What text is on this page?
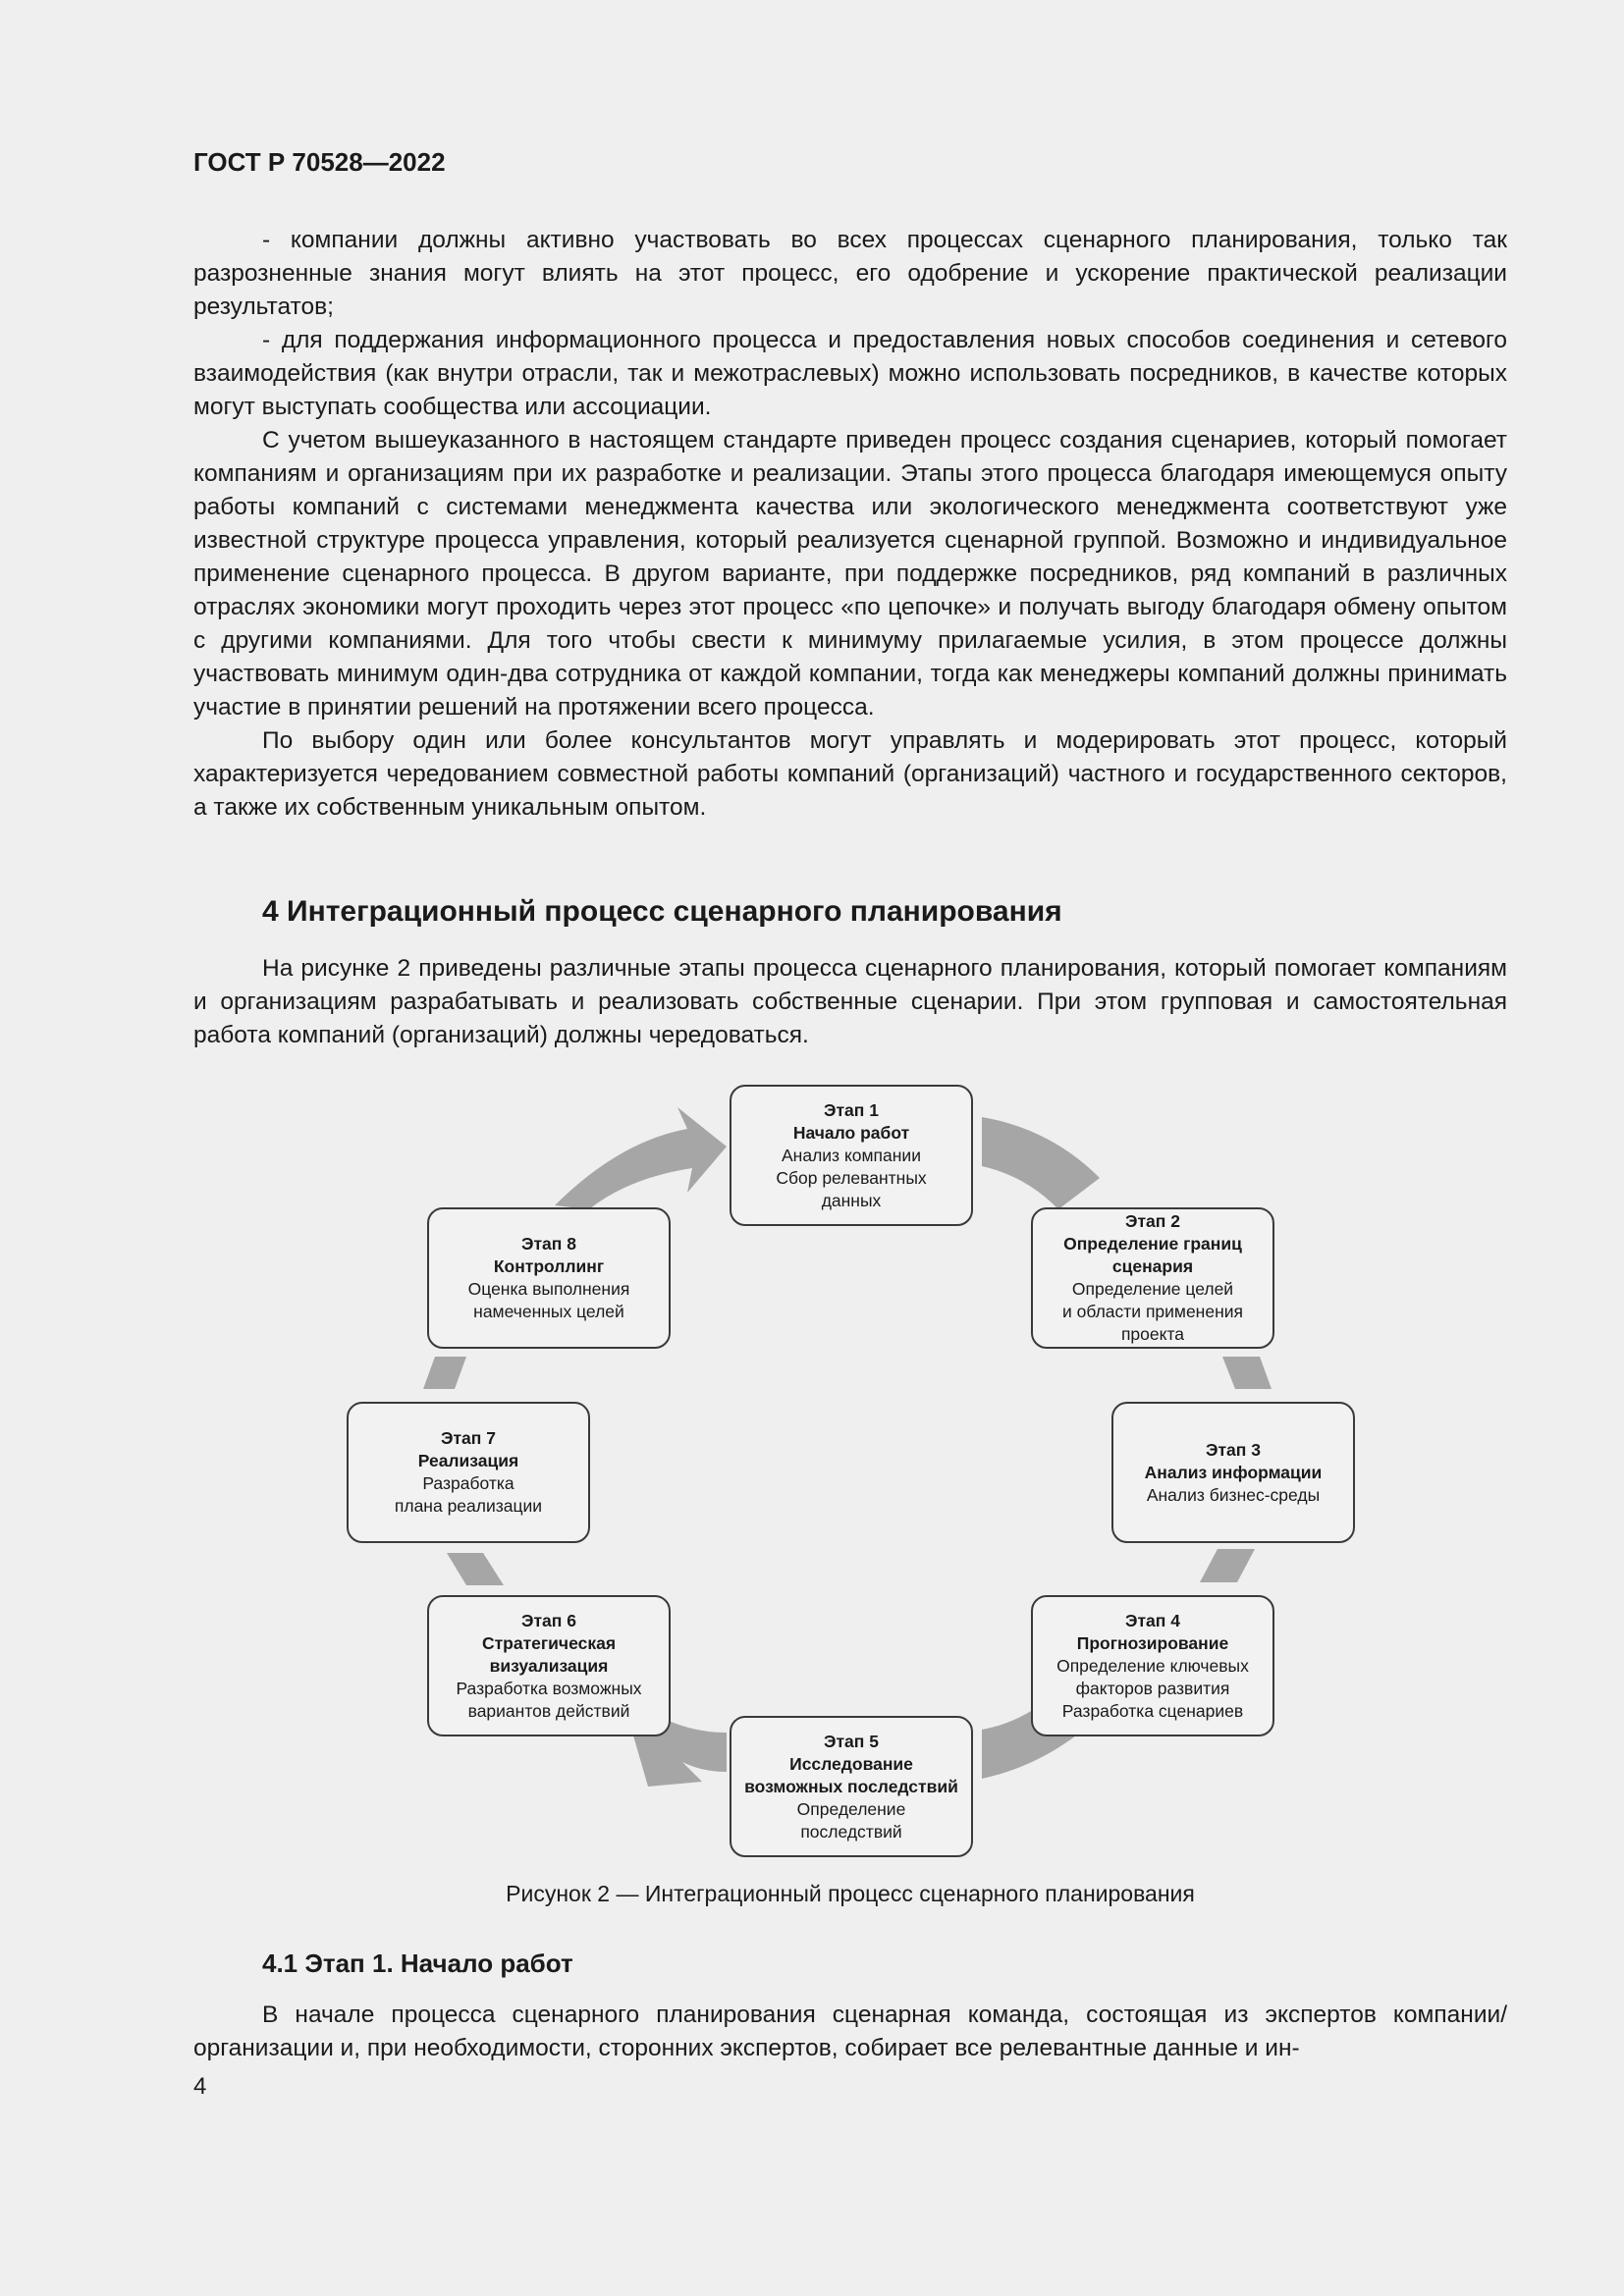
ГОСТ Р 70528—2022

- компании должны активно участвовать во всех процессах сценарного планирования, только так разрозненные знания могут влиять на этот процесс, его одобрение и ускорение практической реализации результатов;

- для поддержания информационного процесса и предоставления новых способов соединения и сетевого взаимодействия (как внутри отрасли, так и межотраслевых) можно использовать посредников, в качестве которых могут выступать сообщества или ассоциации.

С учетом вышеуказанного в настоящем стандарте приведен процесс создания сценариев, который помогает компаниям и организациям при их разработке и реализации. Этапы этого процесса благодаря имеющемуся опыту работы компаний с системами менеджмента качества или экологического менеджмента соответствуют уже известной структуре процесса управления, который реализуется сценарной группой. Возможно и индивидуальное применение сценарного процесса. В другом варианте, при поддержке посредников, ряд компаний в различных отраслях экономики могут проходить через этот процесс «по цепочке» и получать выгоду благодаря обмену опытом с другими компаниями. Для того чтобы свести к минимуму прилагаемые усилия, в этом процессе должны участвовать минимум один-два сотрудника от каждой компании, тогда как менеджеры компаний должны принимать участие в принятии решений на протяжении всего процесса.

По выбору один или более консультантов могут управлять и модерировать этот процесс, который характеризуется чередованием совместной работы компаний (организаций) частного и государственного секторов, а также их собственным уникальным опытом.

4 Интеграционный процесс сценарного планирования

На рисунке 2 приведены различные этапы процесса сценарного планирования, который помогает компаниям и организациям разрабатывать и реализовать собственные сценарии. При этом групповая и самостоятельная работа компаний (организаций) должны чередоваться.

Этап 1
Начало работ
Анализ компании
Сбор релевантных
данных
Этап 2
Определение границ
сценария
Определение целей
и области применения
проекта
Этап 3
Анализ информации
Анализ бизнес-среды
Этап 4
Прогнозирование
Определение ключевых
факторов развития
Разработка сценариев
Этап 5
Исследование
возможных последствий
Определение
последствий
Этап 6
Стратегическая
визуализация
Разработка возможных
вариантов действий
Этап 7
Реализация
Разработка
плана реализации
Этап 8
Контроллинг
Оценка выполнения
намеченных целей
Рисунок 2 — Интеграционный процесс сценарного планирования
4.1 Этап 1. Начало работ

В начале процесса сценарного планирования сценарная команда, состоящая из экспертов компании/организации и, при необходимости, сторонних экспертов, собирает все релевантные данные и ин-

4
